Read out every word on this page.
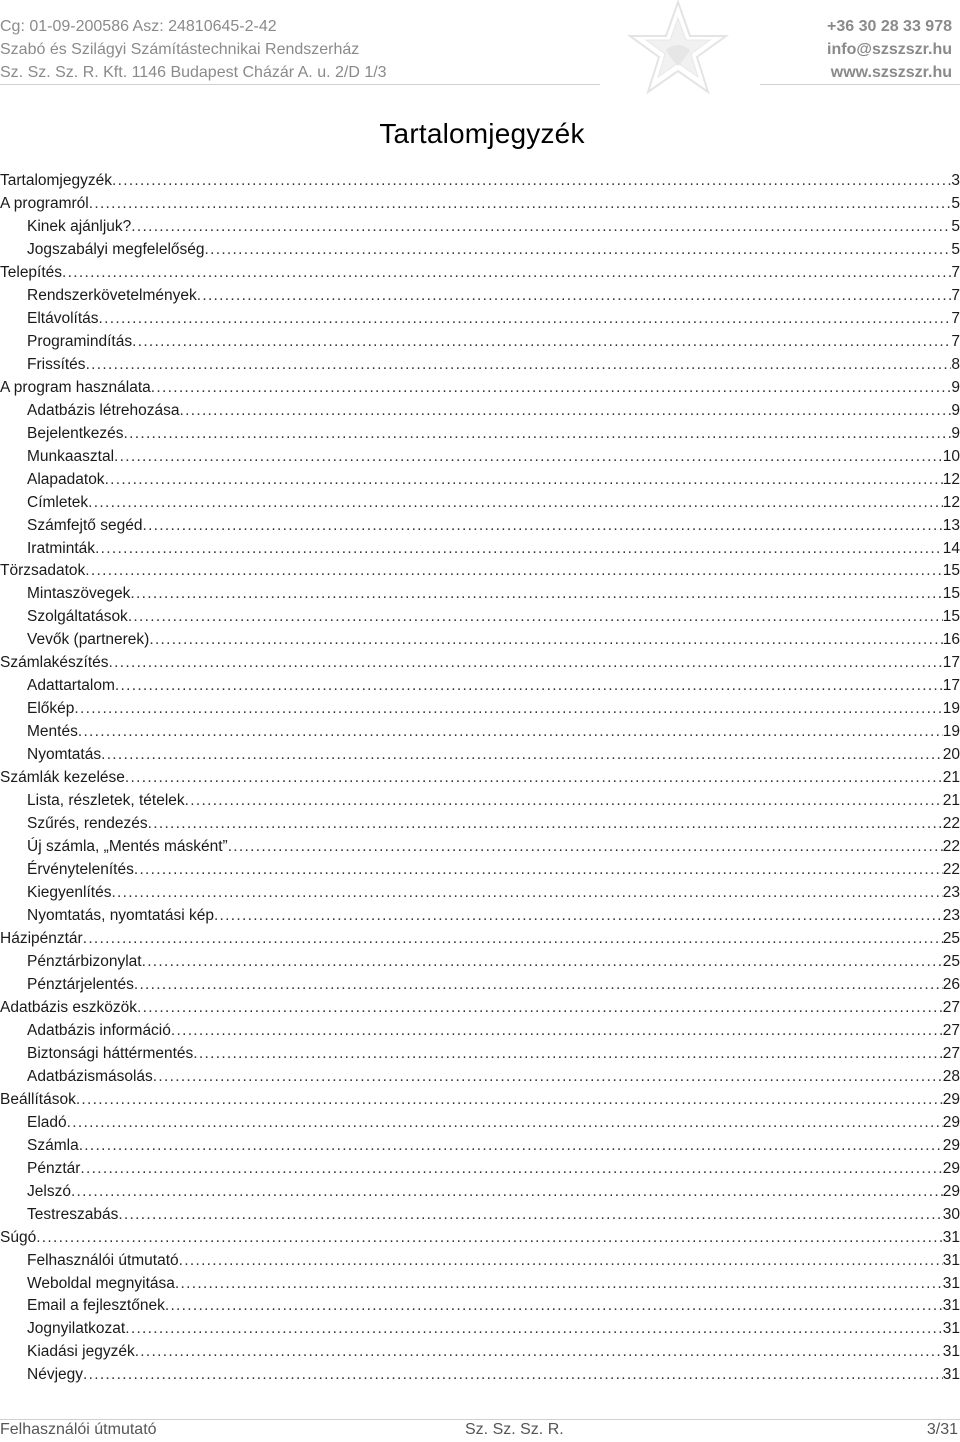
Cg: 01-09-200586 Asz: 24810645-2-42
Szabó és Szilágyi Számítástechnikai Rendszerház
Sz. Sz. Sz. R. Kft. 1146 Budapest Cházár A. u. 2/D 1/3
+36 30 28 33 978
info@szszszr.hu
www.szszszr.hu
Tartalomjegyzék
Tartalomjegyzék .....	3
A programról .....	5
Kinek ajánljuk? .....	5
Jogszabályi megfelelőség .....	5
Telepítés .....	7
Rendszerkövetelmények .....	7
Eltávolítás .....	7
Programindítás .....	7
Frissítés .....	8
A program használata .....	9
Adatbázis létrehozása .....	9
Bejelentkezés .....	9
Munkaasztal .....	10
Alapadatok .....	12
Címletek .....	12
Számfejtő segéd .....	13
Iratminták .....	14
Törzsadatok .....	15
Mintaszövegek .....	15
Szolgáltatások .....	15
Vevők (partnerek) .....	16
Számlakészítés .....	17
Adattartalom .....	17
Előkép .....	19
Mentés .....	19
Nyomtatás .....	20
Számlák kezelése .....	21
Lista, részletek, tételek .....	21
Szűrés, rendezés .....	22
Új számla, „Mentés másként” .....	22
Érvénytelenítés .....	22
Kiegyenlítés .....	23
Nyomtatás, nyomtatási kép .....	23
Házipénztár .....	25
Pénztárbizonylat .....	25
Pénztárjelentés .....	26
Adatbázis eszközök .....	27
Adatbázis információ .....	27
Biztonsági háttérmentés .....	27
Adatbázismásolás .....	28
Beállítások .....	29
Eladó .....	29
Számla .....	29
Pénztár .....	29
Jelszó .....	29
Testreszabás .....	30
Súgó .....	31
Felhasználói útmutató .....	31
Weboldal megnyitása .....	31
Email a fejlesztőnek .....	31
Jognyilatkozat .....	31
Kiadási jegyzék .....	31
Névjegy .....	31
Felhasználói útmutató	Sz. Sz. Sz. R.	3/31
